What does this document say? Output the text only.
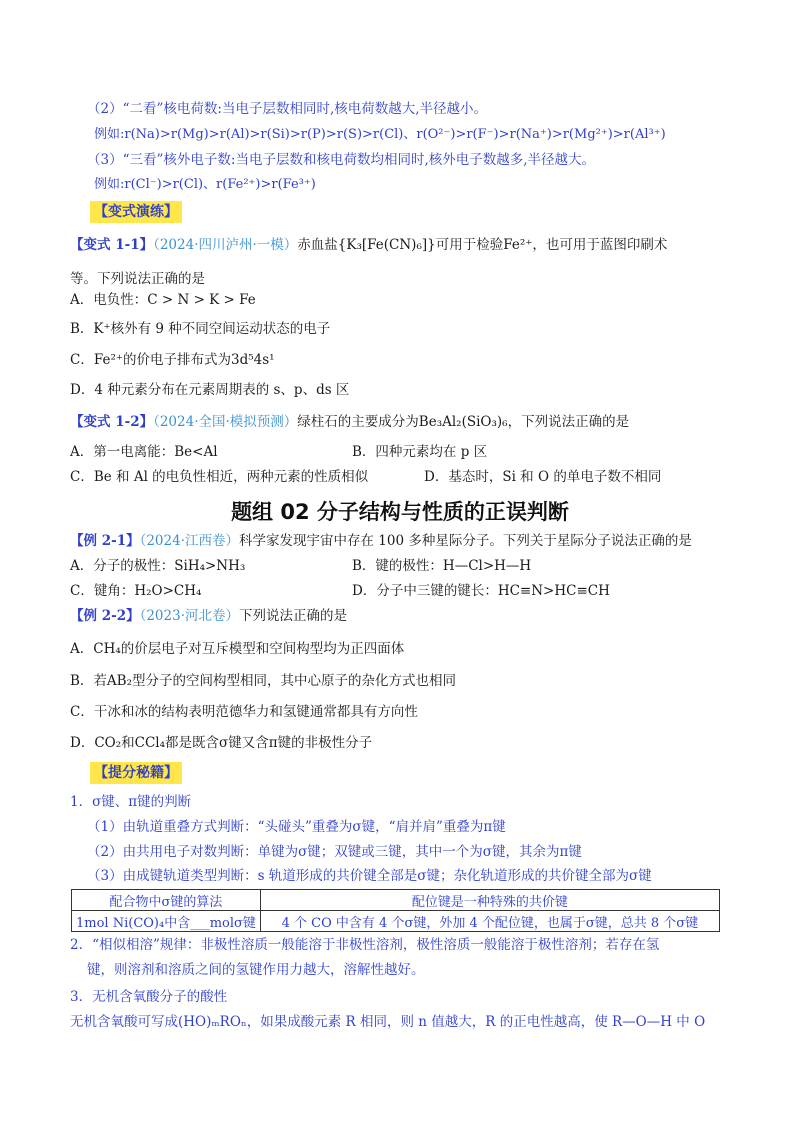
（2）“二看”核电荷数:当电子层数相同时,核电荷数越大,半径越小。
例如:r(Na)>r(Mg)>r(Al)>r(Si)>r(P)>r(S)>r(Cl)、r(O²⁻)>r(F⁻)>r(Na⁺)>r(Mg²⁺)>r(Al³⁺)
（3）“三看”核外电子数:当电子层数和核电荷数均相同时,核外电子数越多,半径越大。
例如:r(Cl⁻)>r(Cl)、r(Fe²⁺)>r(Fe³⁺)
【变式演练】
【变式 1-1】（2024·四川泸州·一模）赤血盐{K₃[Fe(CN)₆]}可用于检验Fe²⁺，也可用于蓝图印刷术
等。下列说法正确的是
A．电负性：C > N > K > Fe
B．K⁺核外有 9 种不同空间运动状态的电子
C．Fe²⁺的价电子排布式为3d⁵4s¹
D．4 种元素分布在元素周期表的 s、p、ds 区
【变式 1-2】（2024·全国·模拟预测）绿柱石的主要成分为Be₃Al₂(SiO₃)₆，下列说法正确的是
A．第一电离能：Be<Al	B．四种元素均在 p 区
C．Be 和 Al 的电负性相近，两种元素的性质相似	D．基态时，Si 和 O 的单电子数不相同
题组 02 分子结构与性质的正误判断
【例 2-1】（2024·江西卷）科学家发现宇宙中存在 100 多种星际分子。下列关于星际分子说法正确的是
A．分子的极性：SiH₄>NH₃	B．键的极性：H—Cl>H—H
C．键角：H₂O>CH₄	D．分子中三键的键长：HC≡N>HC≡CH
【例 2-2】（2023·河北卷）下列说法正确的是
A．CH₄的价层电子对互斥模型和空间构型均为正四面体
B．若AB₂型分子的空间构型相同，其中心原子的杂化方式也相同
C．干冰和冰的结构表明范德华力和氢键通常都具有方向性
D．CO₂和CCl₄都是既含σ键又含π键的非极性分子
【提分秘籍】
1．σ键、π键的判断
（1）由轨道重叠方式判断：“头碰头”重叠为σ键，“肩并肩”重叠为π键
（2）由共用电子对数判断：单键为σ键；双键或三键，其中一个为σ键，其余为π键
（3）由成键轨道类型判断：s 轨道形成的共价键全部是σ键；杂化轨道形成的共价键全部为σ键
配合物中σ键的算法	配位键是一种特殊的共价键
1mol Ni(CO)₄中含___molσ键	4 个 CO 中含有 4 个σ键，外加 4 个配位键，也属于σ键，总共 8 个σ键
2．“相似相溶”规律：非极性溶质一般能溶于非极性溶剂，极性溶质一般能溶于极性溶剂；若存在氢
键，则溶剂和溶质之间的氢键作用力越大，溶解性越好。
3．无机含氧酸分子的酸性
无机含氧酸可写成(HO)ₘROₙ，如果成酸元素 R 相同，则 n 值越大，R 的正电性越高，使 R—O—H 中 O
